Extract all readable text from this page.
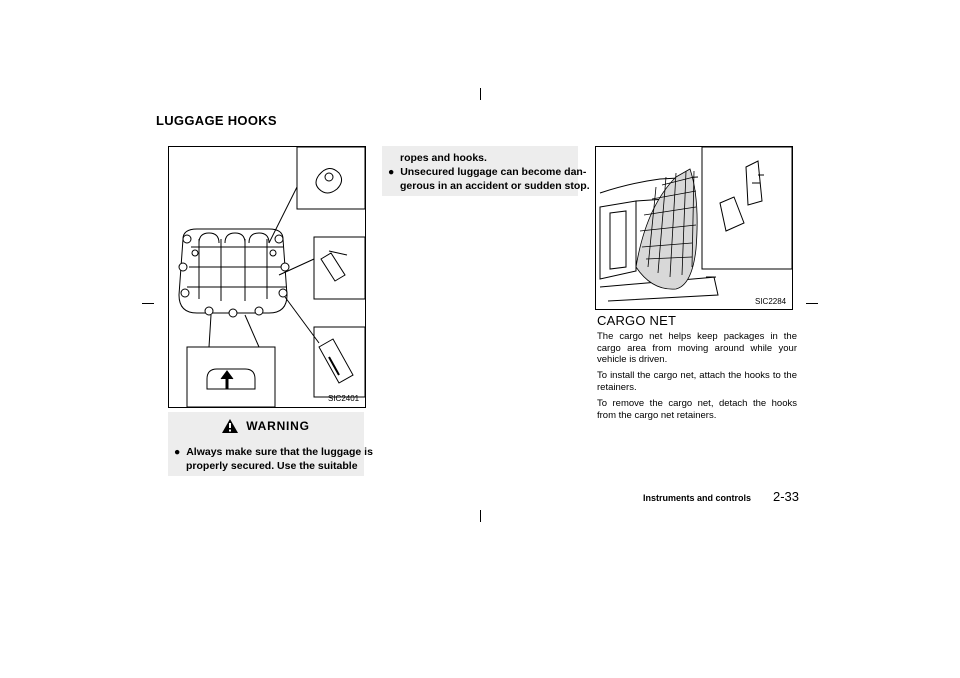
LUGGAGE HOOKS
SIC2401
WARNING
● Always make sure that the luggage is
properly secured. Use the suitable
ropes and hooks.
● Unsecured luggage can become dan-
gerous in an accident or sudden stop.
SIC2284
CARGO NET
The cargo net helps keep packages in the cargo area from moving around while your vehicle is driven.
To install the cargo net, attach the hooks to the retainers.
To remove the cargo net, detach the hooks from the cargo net retainers.
Instruments and controls 2-33
